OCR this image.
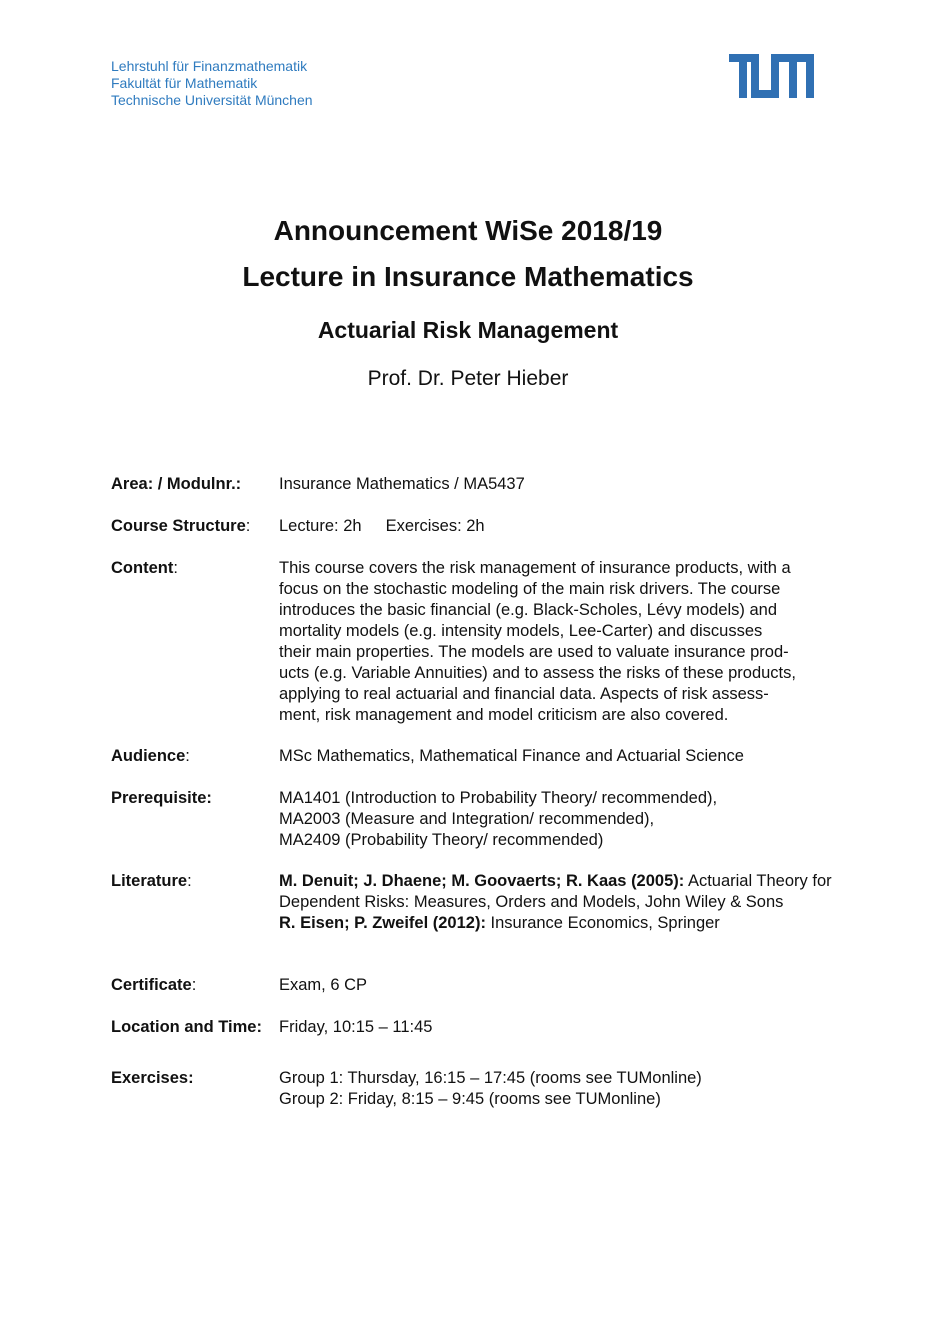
Lehrstuhl für Finanzmathematik
Fakultät für Mathematik
Technische Universität München
Announcement WiSe 2018/19
Lecture in Insurance Mathematics
Actuarial Risk Management
Prof. Dr. Peter Hieber
Area: / Modulnr.:	Insurance Mathematics / MA5437
Course Structure:	Lecture: 2h Exercises: 2h
Content:	This course covers the risk management of insurance products, with a
focus on the stochastic modeling of the main risk drivers. The course
introduces the basic financial (e.g. Black-Scholes, Lévy models) and
mortality models (e.g. intensity models, Lee-Carter) and discusses
their main properties. The models are used to valuate insurance prod-
ucts (e.g. Variable Annuities) and to assess the risks of these products,
applying to real actuarial and financial data. Aspects of risk assess-
ment, risk management and model criticism are also covered.
Audience:	MSc Mathematics, Mathematical Finance and Actuarial Science
Prerequisite:	MA1401 (Introduction to Probability Theory/ recommended),
MA2003 (Measure and Integration/ recommended),
MA2409 (Probability Theory/ recommended)
Literature:	M. Denuit; J. Dhaene; M. Goovaerts; R. Kaas (2005): Actuarial Theory for Dependent Risks: Measures, Orders and Models, John Wiley & Sons
R. Eisen; P. Zweifel (2012): Insurance Economics, Springer
Certificate:	Exam, 6 CP
Location and Time:	Friday, 10:15 – 11:45
Exercises:	Group 1: Thursday, 16:15 – 17:45 (rooms see TUMonline)
Group 2: Friday, 8:15 – 9:45 (rooms see TUMonline)
